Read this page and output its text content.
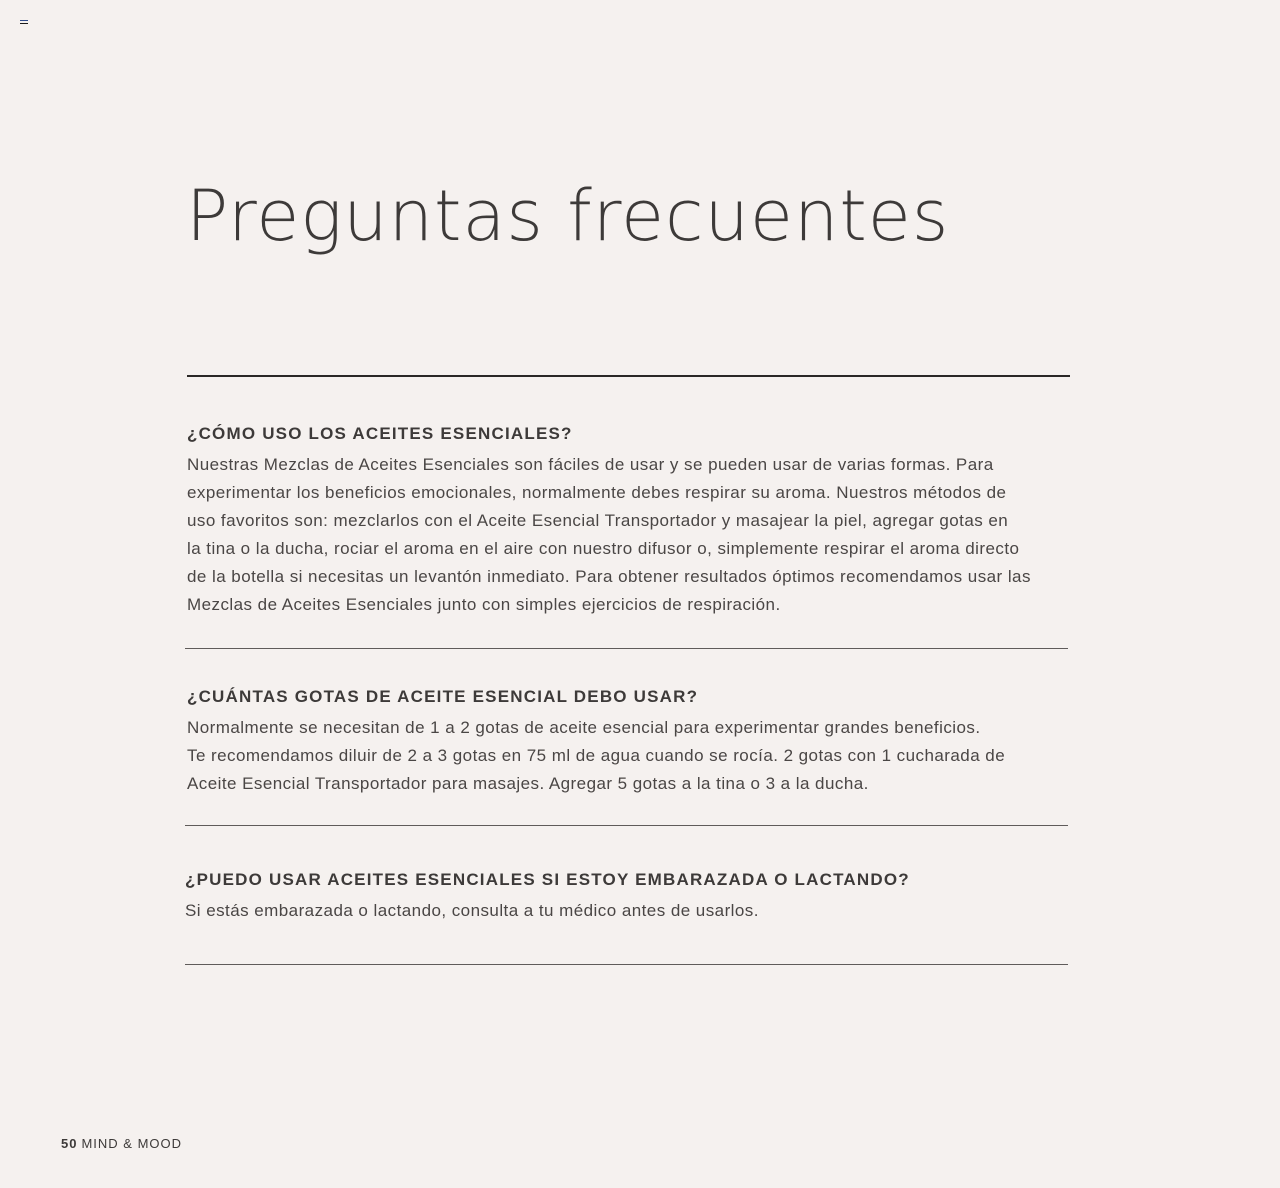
Preguntas frecuentes
¿CÓMO USO LOS ACEITES ESENCIALES?

Nuestras Mezclas de Aceites Esenciales son fáciles de usar y se pueden usar de varias formas. Para
experimentar los beneficios emocionales, normalmente debes respirar su aroma. Nuestros métodos de
uso favoritos son: mezclarlos con el Aceite Esencial Transportador y masajear la piel, agregar gotas en
la tina o la ducha, rociar el aroma en el aire con nuestro difusor o, simplemente respirar el aroma directo
de la botella si necesitas un levantón inmediato. Para obtener resultados óptimos recomendamos usar las
Mezclas de Aceites Esenciales junto con simples ejercicios de respiración.

¿CUÁNTAS GOTAS DE ACEITE ESENCIAL DEBO USAR?

Normalmente se necesitan de 1 a 2 gotas de aceite esencial para experimentar grandes beneficios.
Te recomendamos diluir de 2 a 3 gotas en 75 ml de agua cuando se rocía. 2 gotas con 1 cucharada de
Aceite Esencial Transportador para masajes. Agregar 5 gotas a la tina o 3 a la ducha.

¿PUEDO USAR ACEITES ESENCIALES SI ESTOY EMBARAZADA O LACTANDO?

Si estás embarazada o lactando, consulta a tu médico antes de usarlos.

50 MIND & MOOD
